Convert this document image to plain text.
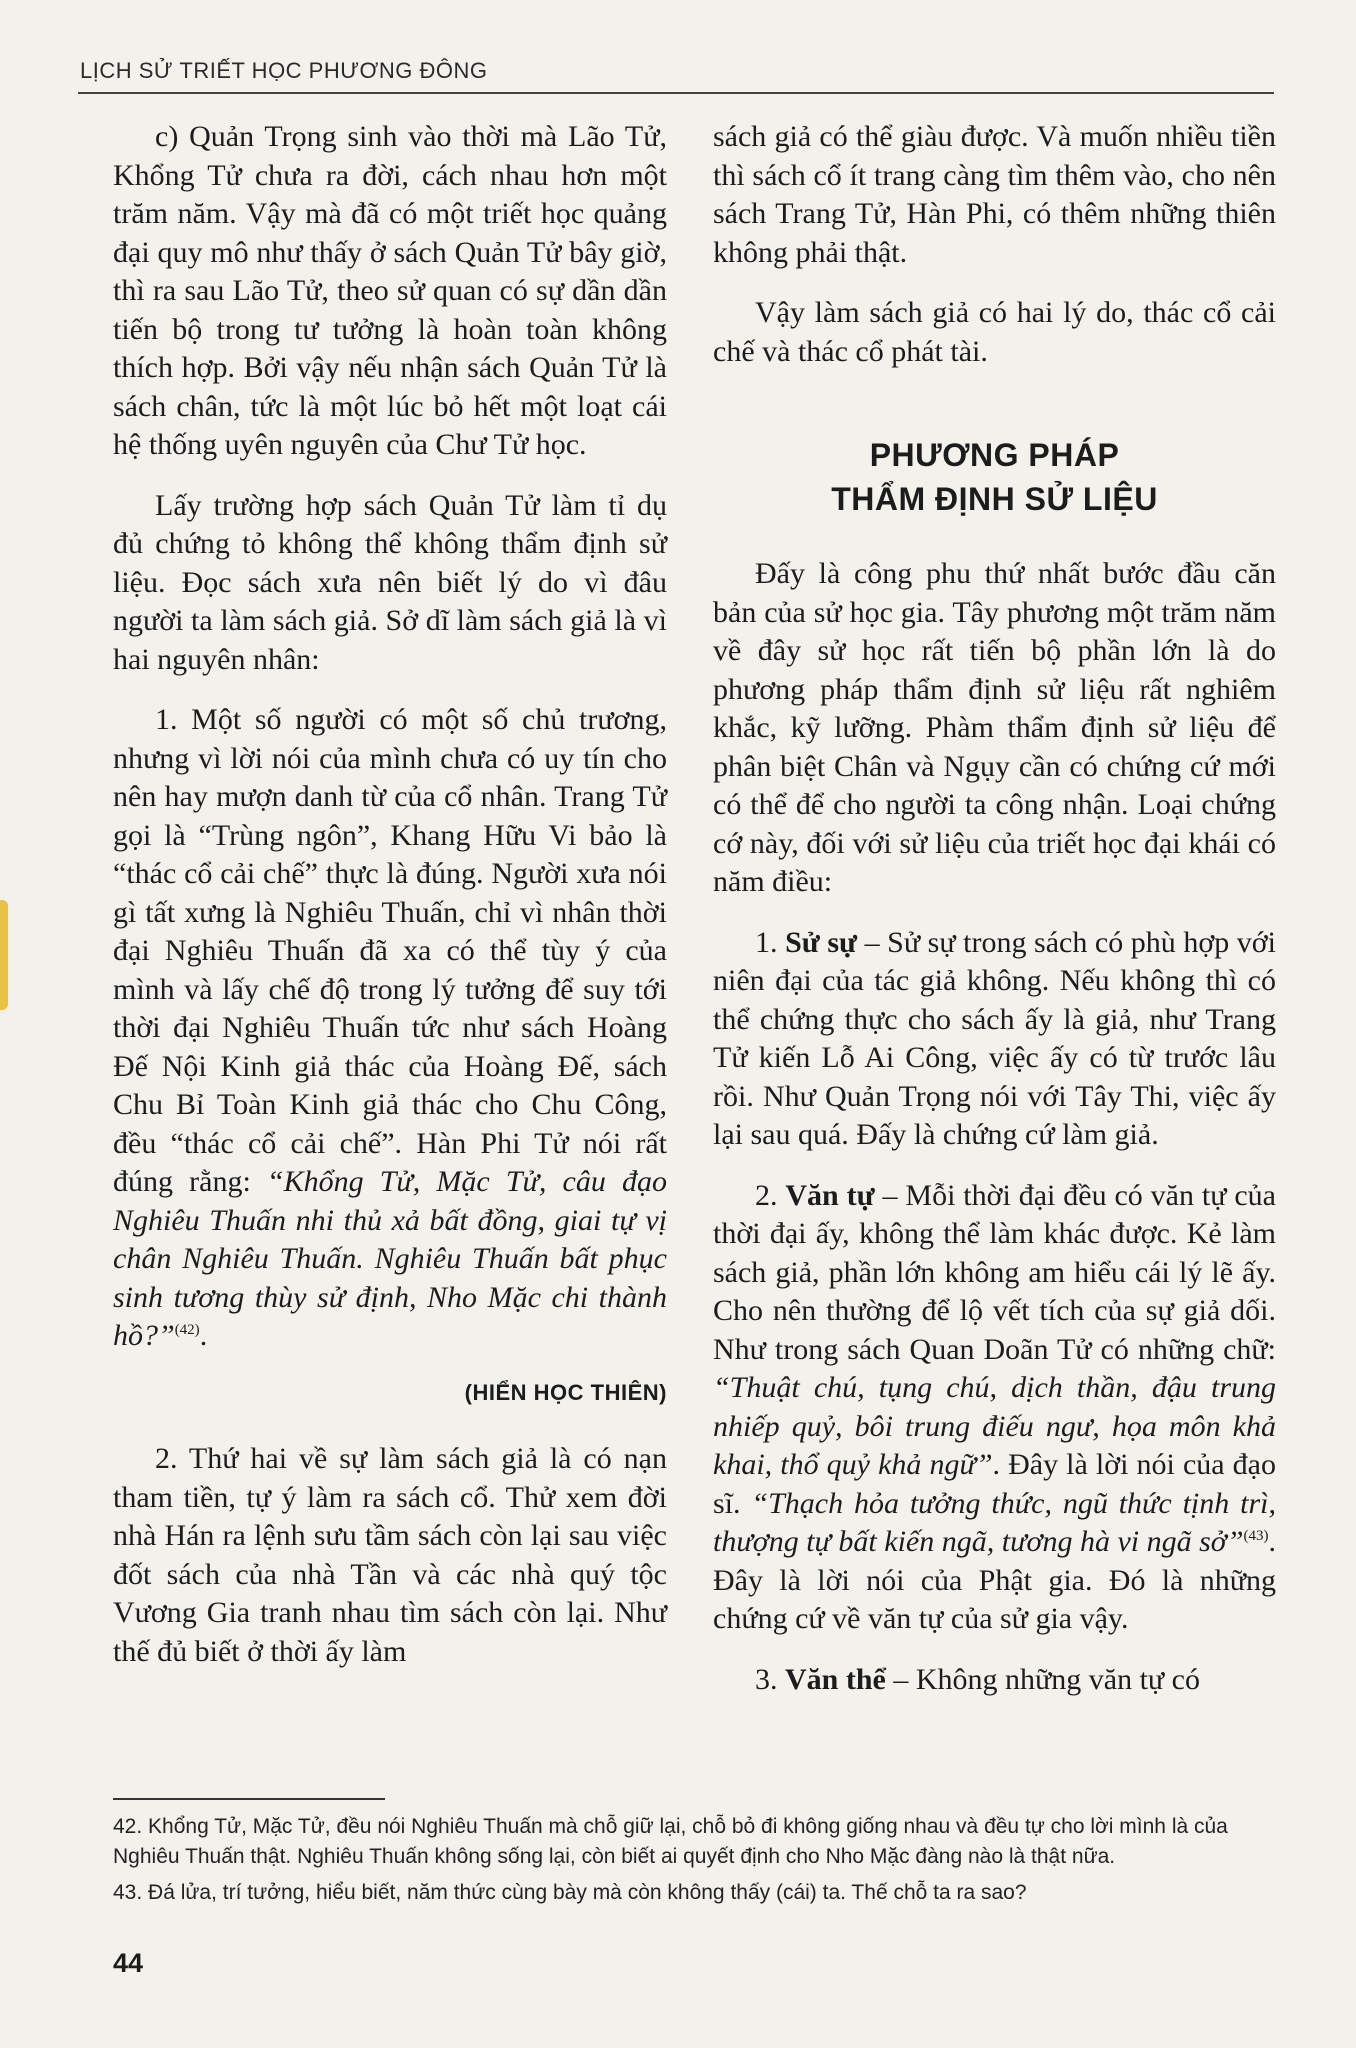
LỊCH SỬ TRIẾT HỌC PHƯƠNG ĐÔNG

c) Quản Trọng sinh vào thời mà Lão Tử, Khổng Tử chưa ra đời, cách nhau hơn một trăm năm. Vậy mà đã có một triết học quảng đại quy mô như thấy ở sách Quản Tử bây giờ, thì ra sau Lão Tử, theo sử quan có sự dần dần tiến bộ trong tư tưởng là hoàn toàn không thích hợp. Bởi vậy nếu nhận sách Quản Tử là sách chân, tức là một lúc bỏ hết một loạt cái hệ thống uyên nguyên của Chư Tử học.

Lấy trường hợp sách Quản Tử làm tỉ dụ đủ chứng tỏ không thể không thẩm định sử liệu. Đọc sách xưa nên biết lý do vì đâu người ta làm sách giả. Sở dĩ làm sách giả là vì hai nguyên nhân:

1. Một số người có một số chủ trương, nhưng vì lời nói của mình chưa có uy tín cho nên hay mượn danh từ của cổ nhân. Trang Tử gọi là “Trùng ngôn”, Khang Hữu Vi bảo là “thác cổ cải chế” thực là đúng. Người xưa nói gì tất xưng là Nghiêu Thuấn, chỉ vì nhân thời đại Nghiêu Thuấn đã xa có thể tùy ý của mình và lấy chế độ trong lý tưởng để suy tới thời đại Nghiêu Thuấn tức như sách Hoàng Đế Nội Kinh giả thác của Hoàng Đế, sách Chu Bỉ Toàn Kinh giả thác cho Chu Công, đều “thác cổ cải chế”. Hàn Phi Tử nói rất đúng rằng: “Khổng Tử, Mặc Tử, câu đạo Nghiêu Thuấn nhi thủ xả bất đồng, giai tự vị chân Nghiêu Thuấn. Nghiêu Thuấn bất phục sinh tương thùy sử định, Nho Mặc chi thành hồ?”$^{(42)}$.

(HIỂN HỌC THIÊN)

2. Thứ hai về sự làm sách giả là có nạn tham tiền, tự ý làm ra sách cổ. Thử xem đời nhà Hán ra lệnh sưu tầm sách còn lại sau việc đốt sách của nhà Tần và các nhà quý tộc Vương Gia tranh nhau tìm sách còn lại. Như thế đủ biết ở thời ấy làm

sách giả có thể giàu được. Và muốn nhiều tiền thì sách cổ ít trang càng tìm thêm vào, cho nên sách Trang Tử, Hàn Phi, có thêm những thiên không phải thật.

Vậy làm sách giả có hai lý do, thác cổ cải chế và thác cổ phát tài.

PHƯƠNG PHÁP
THẨM ĐỊNH SỬ LIỆU

Đấy là công phu thứ nhất bước đầu căn bản của sử học gia. Tây phương một trăm năm về đây sử học rất tiến bộ phần lớn là do phương pháp thẩm định sử liệu rất nghiêm khắc, kỹ lưỡng. Phàm thẩm định sử liệu để phân biệt Chân và Ngụy cần có chứng cứ mới có thể để cho người ta công nhận. Loại chứng cớ này, đối với sử liệu của triết học đại khái có năm điều:

1. Sử sự – Sử sự trong sách có phù hợp với niên đại của tác giả không. Nếu không thì có thể chứng thực cho sách ấy là giả, như Trang Tử kiến Lỗ Ai Công, việc ấy có từ trước lâu rồi. Như Quản Trọng nói với Tây Thi, việc ấy lại sau quá. Đấy là chứng cứ làm giả.

2. Văn tự – Mỗi thời đại đều có văn tự của thời đại ấy, không thể làm khác được. Kẻ làm sách giả, phần lớn không am hiểu cái lý lẽ ấy. Cho nên thường để lộ vết tích của sự giả dối. Như trong sách Quan Doãn Tử có những chữ: “Thuật chú, tụng chú, dịch thần, đậu trung nhiếp quỷ, bôi trung điếu ngư, họa môn khả khai, thổ quỷ khả ngữ”. Đây là lời nói của đạo sĩ. “Thạch hỏa tưởng thức, ngũ thức tịnh trì, thượng tự bất kiến ngã, tương hà vi ngã sở”$^{(43)}$. Đây là lời nói của Phật gia. Đó là những chứng cứ về văn tự của sử gia vậy.

3. Văn thể – Không những văn tự có

42. Khổng Tử, Mặc Tử, đều nói Nghiêu Thuấn mà chỗ giữ lại, chỗ bỏ đi không giống nhau và đều tự cho lời mình là của Nghiêu Thuấn thật. Nghiêu Thuấn không sống lại, còn biết ai quyết định cho Nho Mặc đàng nào là thật nữa.

43. Đá lửa, trí tưởng, hiểu biết, năm thức cùng bày mà còn không thấy (cái) ta. Thế chỗ ta ra sao?

44
